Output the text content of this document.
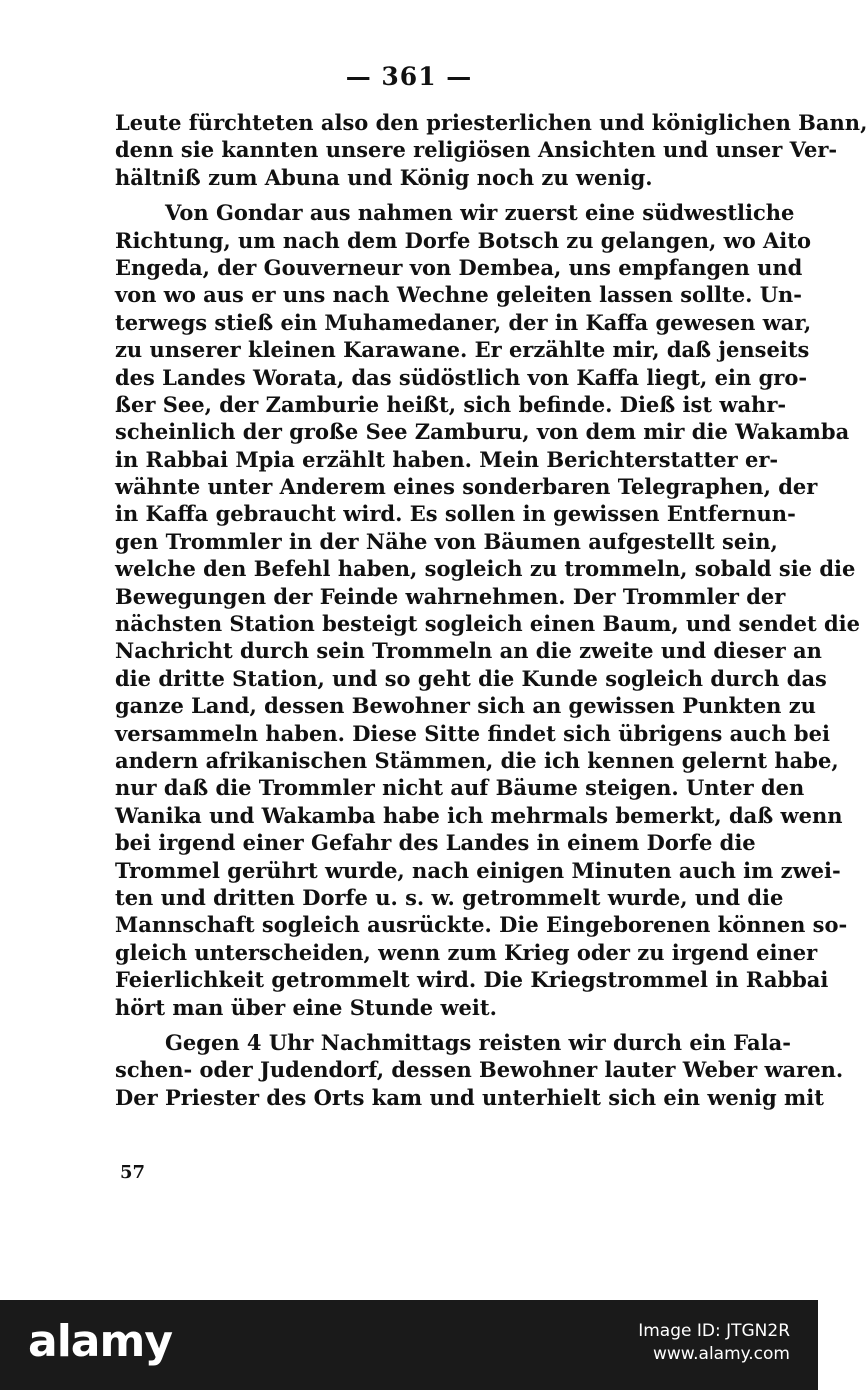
— 361 —
Leute fürchteten also den priesterlichen und königlichen Bann,
denn sie kannten unsere religiösen Ansichten und unser Ver-
hältniß zum Abuna und König noch zu wenig.
Von Gondar aus nahmen wir zuerst eine südwestliche
Richtung, um nach dem Dorfe Botsch zu gelangen, wo Aito
Engeda, der Gouverneur von Dembea, uns empfangen und
von wo aus er uns nach Wechne geleiten lassen sollte. Un-
terwegs stieß ein Muhamedaner, der in Kaffa gewesen war,
zu unserer kleinen Karawane. Er erzählte mir, daß jenseits
des Landes Worata, das südöstlich von Kaffa liegt, ein gro-
ßer See, der Zamburie heißt, sich befinde. Dieß ist wahr-
scheinlich der große See Zamburu, von dem mir die Wakamba
in Rabbai Mpia erzählt haben. Mein Berichterstatter er-
wähnte unter Anderem eines sonderbaren Telegraphen, der
in Kaffa gebraucht wird. Es sollen in gewissen Entfernun-
gen Trommler in der Nähe von Bäumen aufgestellt sein,
welche den Befehl haben, sogleich zu trommeln, sobald sie die
Bewegungen der Feinde wahrnehmen. Der Trommler der
nächsten Station besteigt sogleich einen Baum, und sendet die
Nachricht durch sein Trommeln an die zweite und dieser an
die dritte Station, und so geht die Kunde sogleich durch das
ganze Land, dessen Bewohner sich an gewissen Punkten zu
versammeln haben. Diese Sitte findet sich übrigens auch bei
andern afrikanischen Stämmen, die ich kennen gelernt habe,
nur daß die Trommler nicht auf Bäume steigen. Unter den
Wanika und Wakamba habe ich mehrmals bemerkt, daß wenn
bei irgend einer Gefahr des Landes in einem Dorfe die
Trommel gerührt wurde, nach einigen Minuten auch im zwei-
ten und dritten Dorfe u. s. w. getrommelt wurde, und die
Mannschaft sogleich ausrückte. Die Eingeborenen können so-
gleich unterscheiden, wenn zum Krieg oder zu irgend einer
Feierlichkeit getrommelt wird. Die Kriegstrommel in Rabbai
hört man über eine Stunde weit.
Gegen 4 Uhr Nachmittags reisten wir durch ein Fala-
schen- oder Judendorf, dessen Bewohner lauter Weber waren.
Der Priester des Orts kam und unterhielt sich ein wenig mit
57
alamy	Image ID: JTGN2R
www.alamy.com
